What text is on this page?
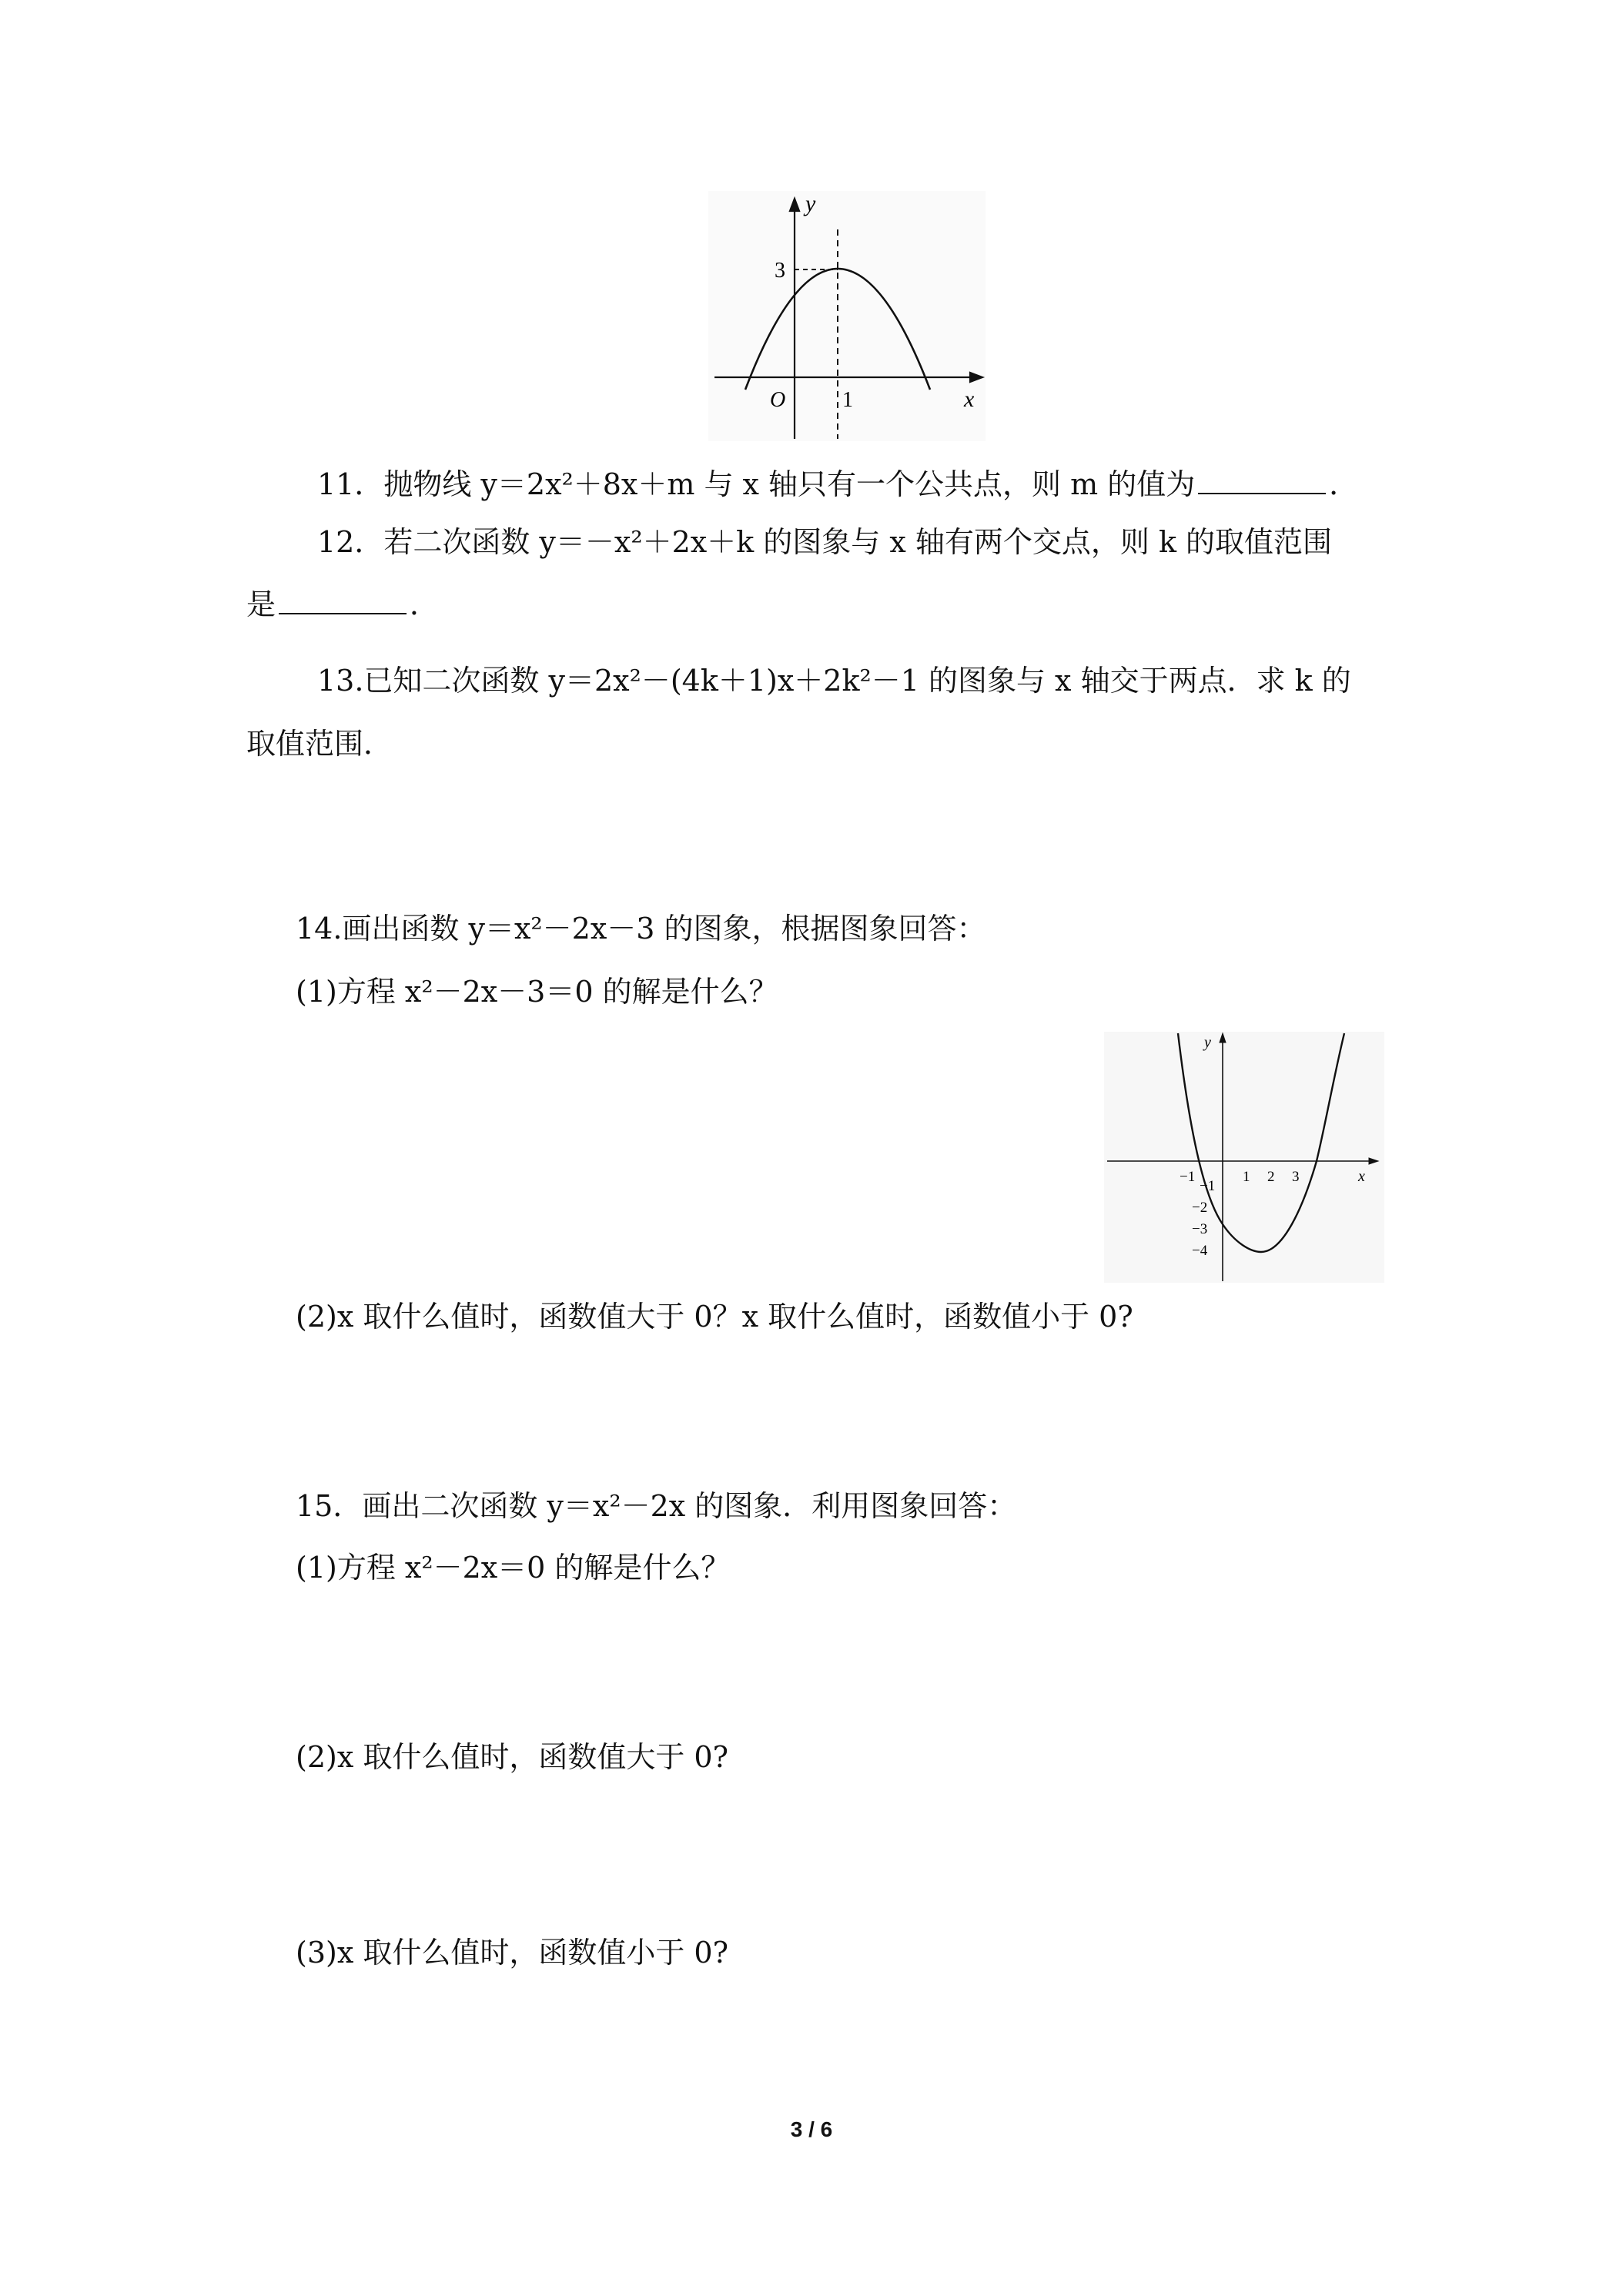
y
x
O	1
3
11．抛物线 y＝2x²＋8x＋m 与 x 轴只有一个公共点，则 m 的值为	．
12．若二次函数 y＝－x²＋2x＋k 的图象与 x 轴有两个交点，则 k 的取值范围
是	．
13.已知二次函数 y＝2x²－(4k＋1)x＋2k²－1 的图象与 x 轴交于两点．求 k 的
取值范围．
14.画出函数 y＝x²－2x－3 的图象，根据图象回答：
(1)方程 x²－2x－3＝0 的解是什么？
y
x
−1	1 2 3
−1
−2
−3
−4
(2)x 取什么值时，函数值大于 0？x 取什么值时，函数值小于 0?
15．画出二次函数 y＝x²－2x 的图象．利用图象回答：
(1)方程 x²－2x＝0 的解是什么？
(2)x 取什么值时，函数值大于 0?
(3)x 取什么值时，函数值小于 0?
3 / 6
